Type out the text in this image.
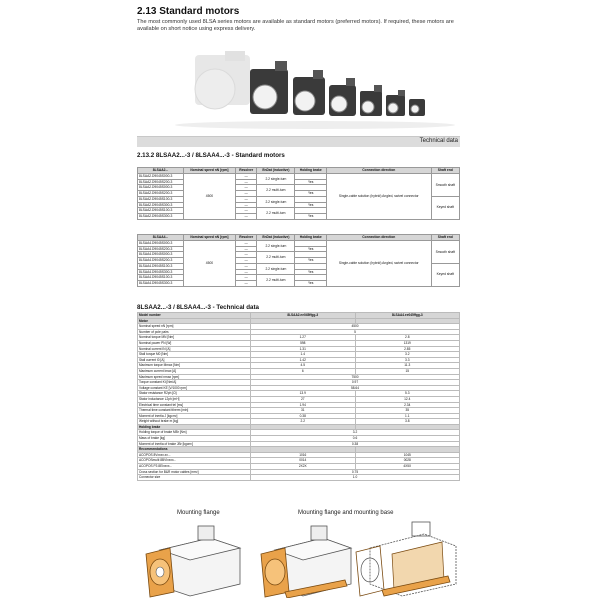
2.13 Standard motors
The most commonly used 8LSA series motors are available as standard motors (preferred motors). If required, these motors are available on short notice using express delivery.
Technical data
2.13.2 8LSAA2...-3 / 8LSAA4...-3 - Standard motors
8LSAA2...	Nominal speed nN [rpm]	Resolver	EnDat (inductive)	Holding brake	Connection direction	Shaft end
8LSAA2.D9045S000-3	4500	—	2.2 single-turn		Single-cable solution (hybrid) Angled, swivel connector	Smooth shaft
8LSAA2.D9045S200-3		—		Yes		
8LSAA2.D9045S000-3		—	2.2 multi-turn			
8LSAA2.D9045S200-3		—		Yes		
8LSAA2.D9045S100-3		—	2.2 single-turn			Keyed shaft
8LSAA2.D9045S300-3		—		Yes		
8LSAA2.D9045S100-3		—	2.2 multi-turn			
8LSAA2.D9045S300-3		—		Yes		
8LSAA4...	Nominal speed nN [rpm]	Resolver	EnDat (inductive)	Holding brake	Connection direction	Shaft end
8LSAA4.D9045S000-3	4500	—	2.2 single-turn		Single-cable solution (hybrid) Angled, swivel connector	Smooth shaft
8LSAA4.D9045S200-3		—		Yes		
8LSAA4.D9045S000-3		—	2.2 multi-turn			
8LSAA4.D9045S200-3		—		Yes		
8LSAA4.D9045S100-3		—	2.2 single-turn			Keyed shaft
8LSAA4.D9045S300-3		—		Yes		
8LSAA4.D9045S100-3		—	2.2 multi-turn			
8LSAA4.D9045S300-3		—		Yes		
8LSAA2...-3 / 8LSAA4...-3 - Technical data
Model number	8LSAA2.ee045ffgg-3	8LSAA4.ee045ffgg-3
Motor		
Nominal speed nN [rpm]	4500	
Number of pole pairs	5	
Nominal torque MN [Nm]	1.27	2.8
Nominal power PN [W]	598	1319
Nominal current IN [A]	1.31	2.85
Stall torque M0 [Nm]	1.4	3.2
Stall current I0 [A]	1.42	3.3
Maximum torque Mmax [Nm]	4.5	11.3
Maximum current Imax [A]	6	15
Maximum speed nmax [rpm]	7500	
Torque constant Kt [Nm/A]	0.97	
Voltage constant KE [V/1000 rpm]	58.64	
Stator resistance R2ph [Ω]	13.9	5.3
Stator inductance L2ph [mH]	27	12.4
Electrical time constant tel [ms]	1.94	2.34
Thermal time constant ttherm [min]	31	35
Moment of inertia J [kgcm²]	0.38	1.1
Weight without brake m [kg]	2.2	3.8
Holding brake		
Holding torque of brake MBr [Nm]	3.2	
Mass of brake [kg]	0.6	
Moment of inertia of brake JBr [kgcm²]	0.38	
Recommendations		
ACOPOS 8Vxxxx.xx...	1016	1045
ACOPOSmulti 8BVIxxxx...	0014	0028
ACOPOS P3 8EIxxxx...	2X2X	4X5X
Cross section for B&R motor cables [mm²]	0.75	
Connector size	1.0	
Mounting flange	Mounting flange and mounting base
